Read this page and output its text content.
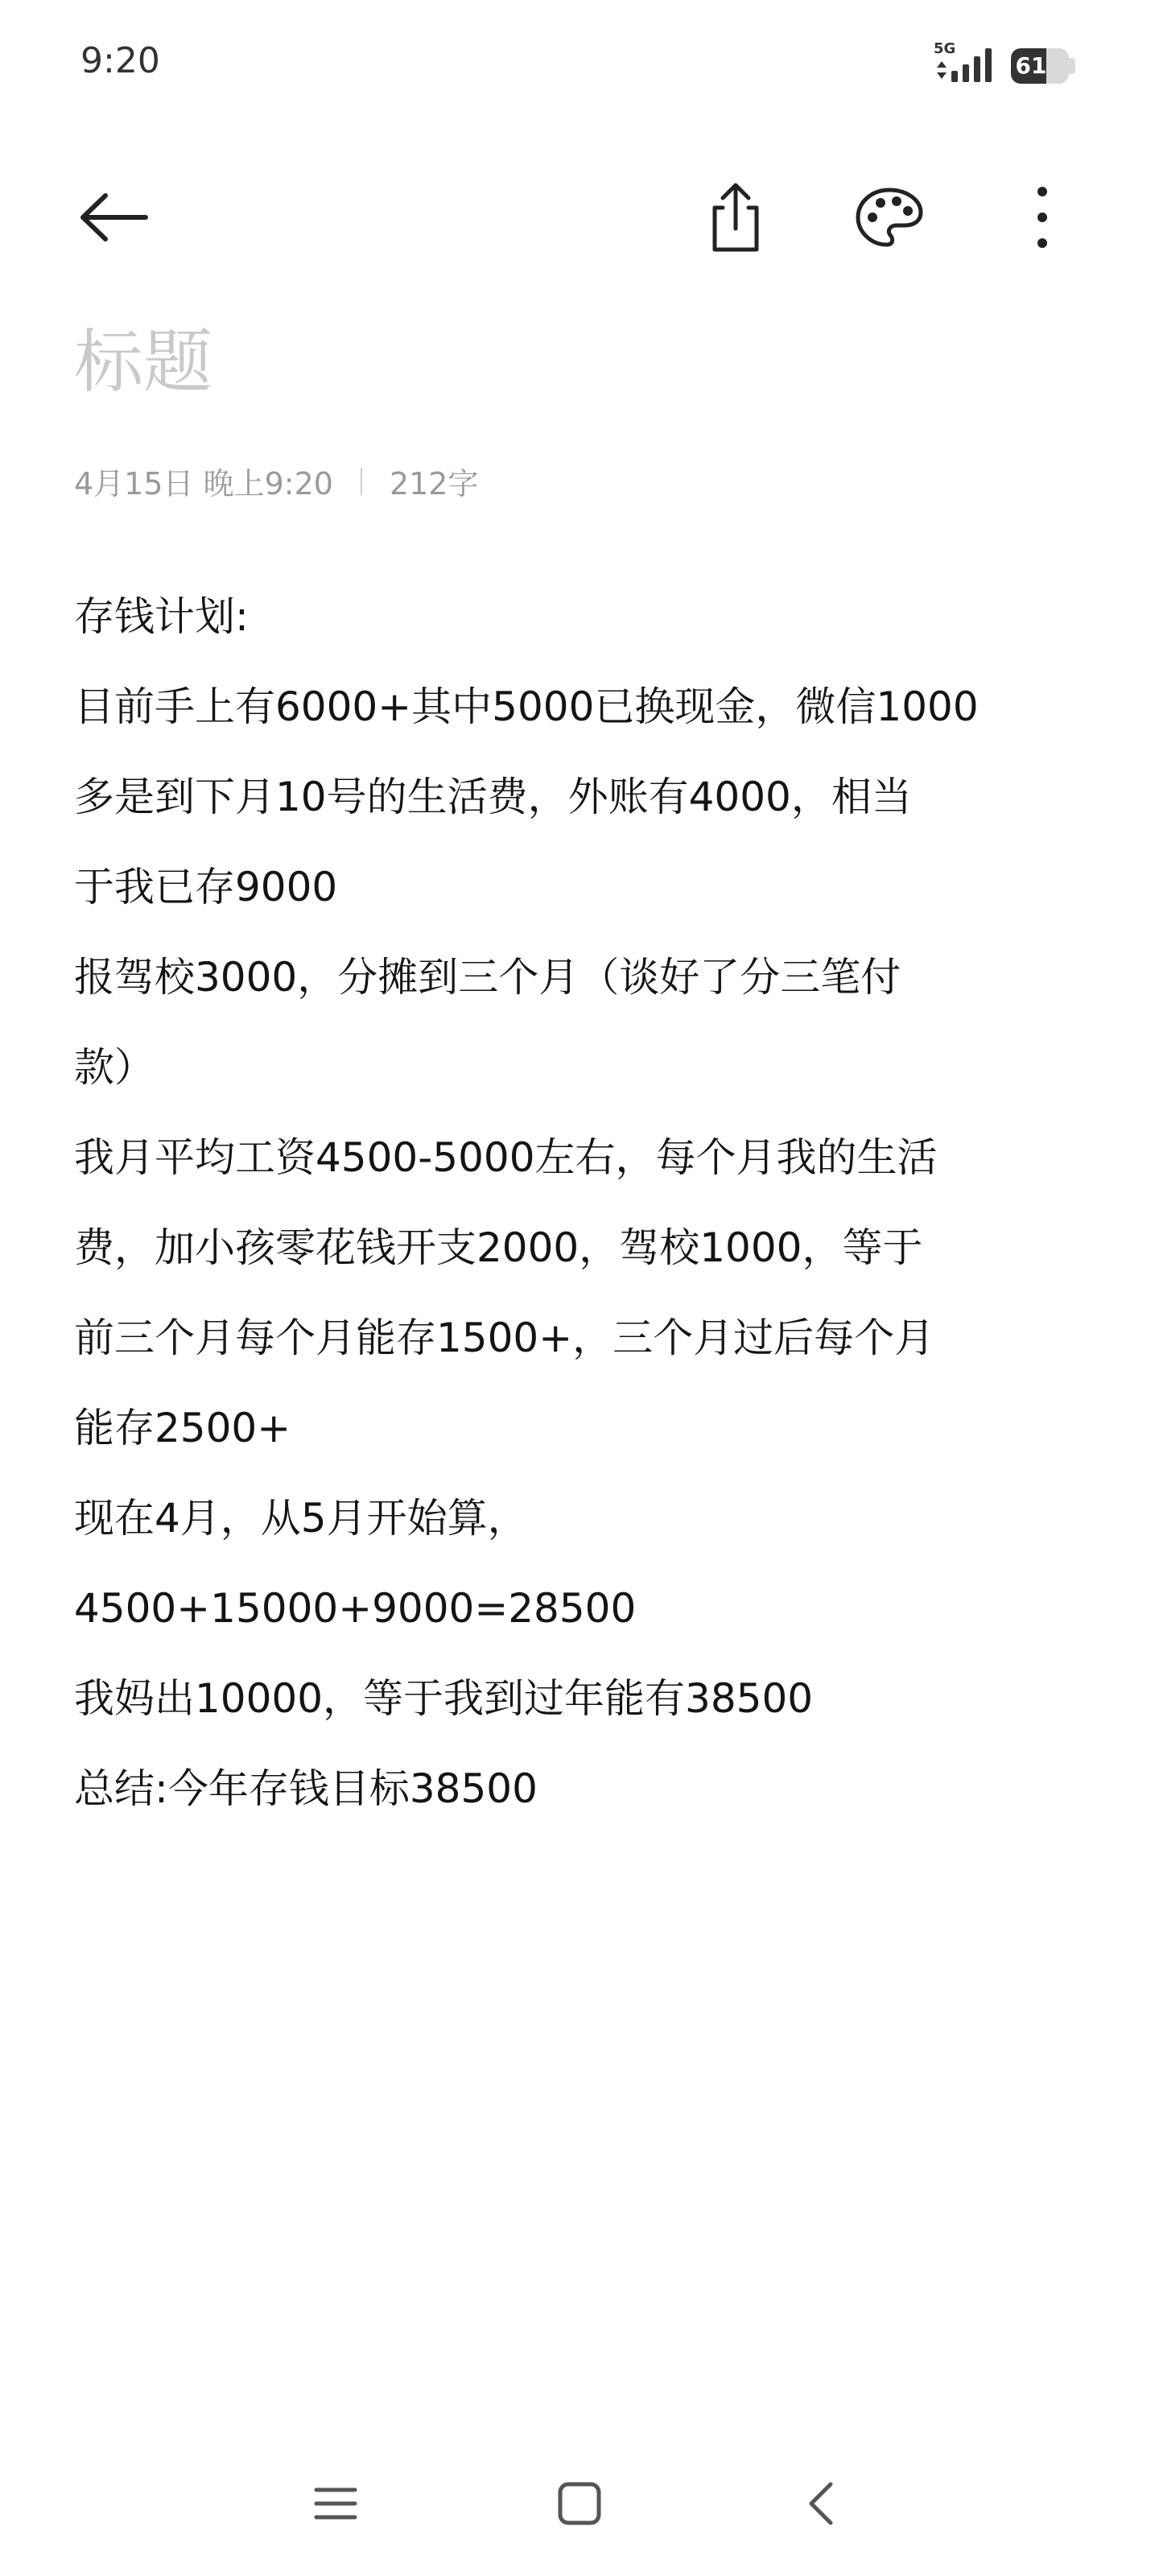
9:20	5G
61
标题
4月15日 晚上9:20 212字
存钱计划:
目前手上有6000+其中5000已换现金，微信1000
多是到下月10号的生活费，外账有4000，相当
于我已存9000
报驾校3000，分摊到三个月（谈好了分三笔付
款）
我月平均工资4500-5000左右，每个月我的生活
费，加小孩零花钱开支2000，驾校1000，等于
前三个月每个月能存1500+，三个月过后每个月
能存2500+
现在4月，从5月开始算，
4500+15000+9000=28500
我妈出10000，等于我到过年能有38500
总结:今年存钱目标38500
